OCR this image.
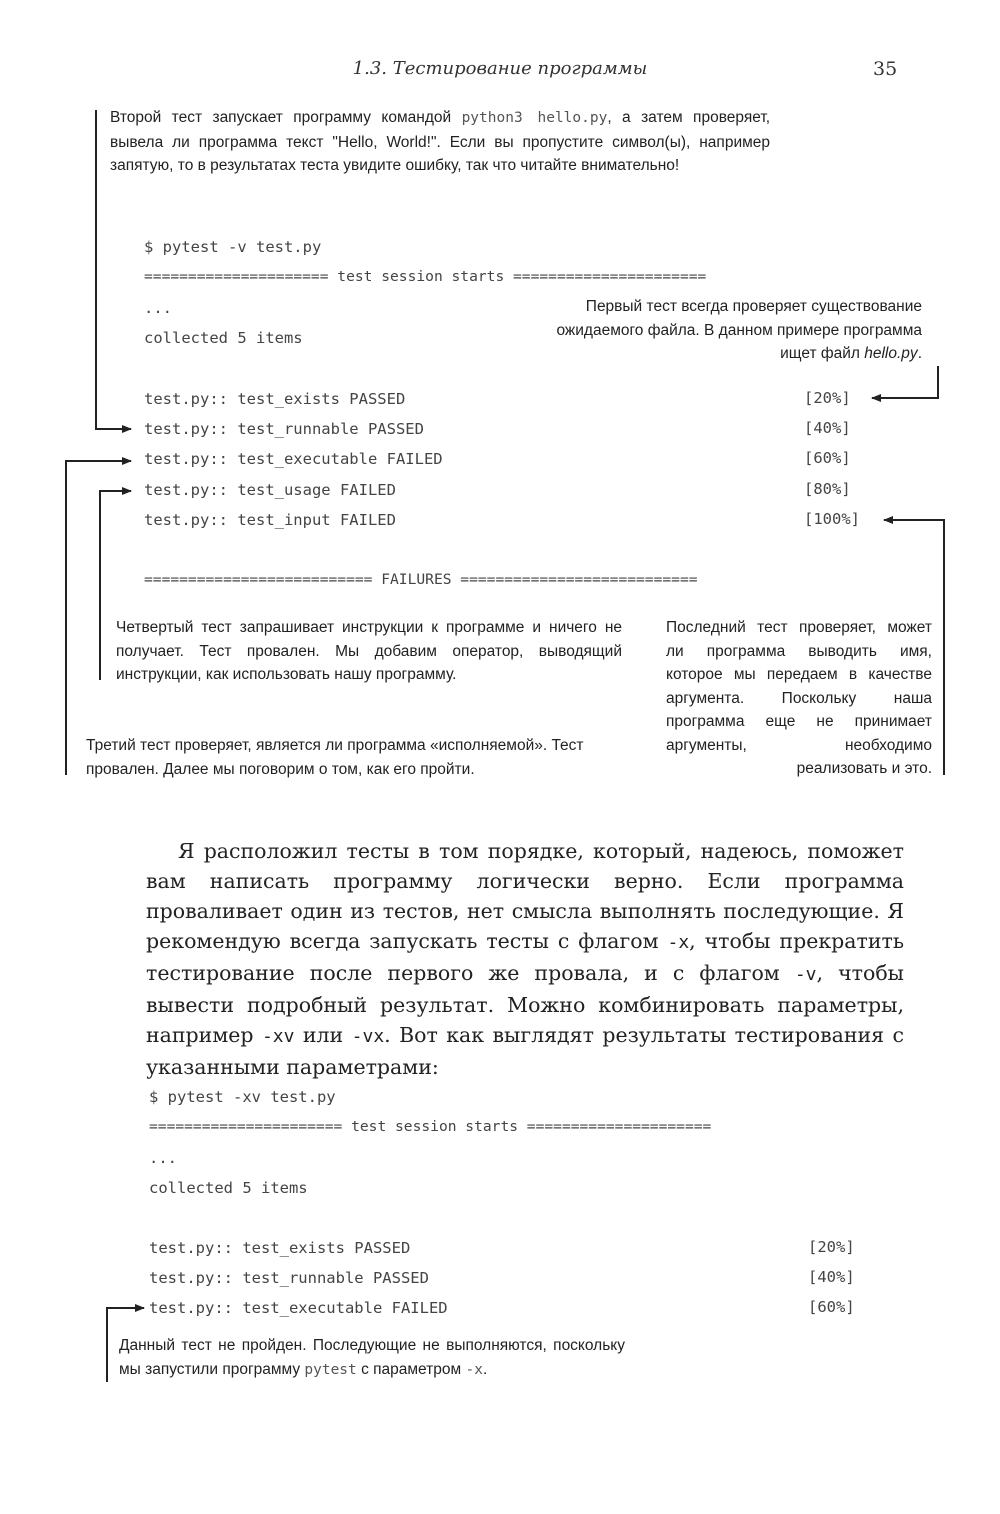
1.3. Тестирование программы	35
Второй тест запускает программу командой python3 hello.py, а затем проверяет, вывела ли программа текст "Hello, World!". Если вы пропустите символ(ы), например запятую, то в результатах теста увидите ошибку, так что читайте внимательно!
$ pytest -v test.py
===================== test session starts ======================
...
collected 5 items
Первый тест всегда проверяет существование
ожидаемого файла. В данном примере программа
ищет файл hello.py.
test.py:: test_exists PASSED	[20%]
test.py:: test_runnable PASSED	[40%]
test.py:: test_executable FAILED	[60%]
test.py:: test_usage FAILED	[80%]
test.py:: test_input FAILED	[100%]
========================== FAILURES ===========================
Четвертый тест запрашивает инструкции к программе и ничего не получает. Тест провален. Мы добавим оператор, выводящий инструкции, как использовать нашу программу.
Последний тест проверяет, может ли программа выводить имя, которое мы передаем в качестве аргумента. Поскольку наша программа еще не принимает аргументы, необходимо реализовать и это.
Третий тест проверяет, является ли программа «исполняемой». Тест провален. Далее мы поговорим о том, как его пройти.
Я расположил тесты в том порядке, который, надеюсь, поможет вам написать программу логически верно. Если программа проваливает один из тестов, нет смысла выполнять последующие. Я рекомендую всегда запускать тесты с флагом -x, чтобы прекратить тестирование после первого же провала, и с флагом -v, чтобы вывести подробный результат. Можно комбинировать параметры, например -xv или -vx. Вот как выглядят результаты тестирования с указанными параметрами:
$ pytest -xv test.py
====================== test session starts =====================
...
collected 5 items
test.py:: test_exists PASSED	[20%]
test.py:: test_runnable PASSED	[40%]
test.py:: test_executable FAILED	[60%]
Данный тест не пройден. Последующие не выполняются, поскольку мы запустили программу pytest с параметром -x.
